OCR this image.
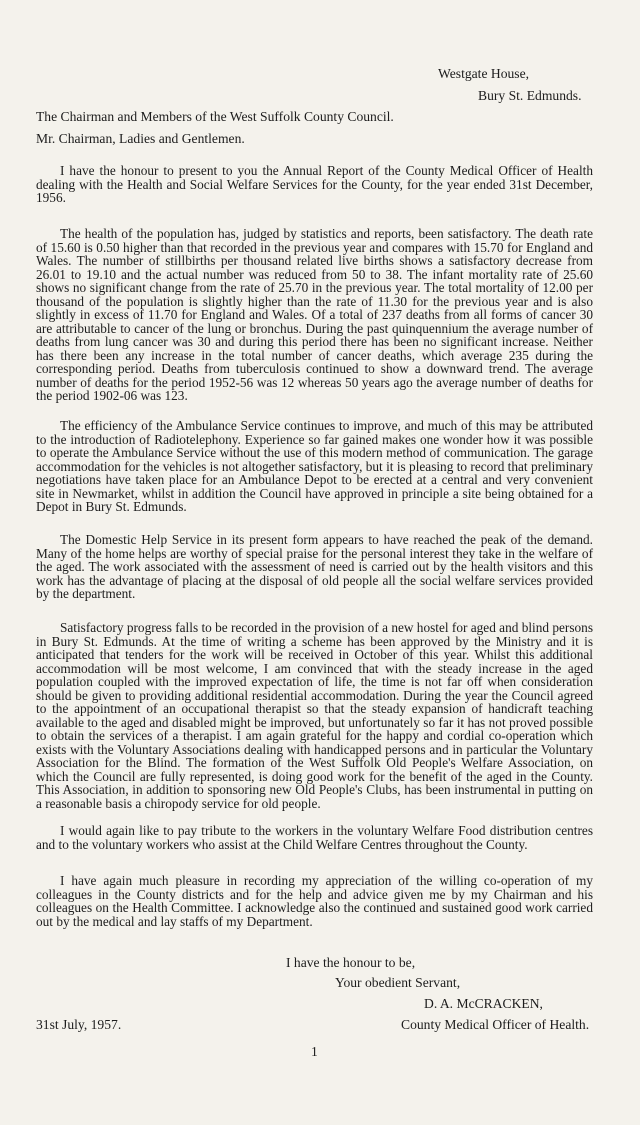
Westgate House,
Bury St. Edmunds.
The Chairman and Members of the West Suffolk County Council.
Mr. Chairman, Ladies and Gentlemen.

I have the honour to present to you the Annual Report of the County Medical Officer of Health dealing with the Health and Social Welfare Services for the County, for the year ended 31st December, 1956.

The health of the population has, judged by statistics and reports, been satisfactory. The death rate of 15.60 is 0.50 higher than that recorded in the previous year and compares with 15.70 for England and Wales. The number of stillbirths per thousand related live births shows a satisfactory decrease from 26.01 to 19.10 and the actual number was reduced from 50 to 38. The infant mortality rate of 25.60 shows no significant change from the rate of 25.70 in the previous year. The total mortality of 12.00 per thousand of the population is slightly higher than the rate of 11.30 for the previous year and is also slightly in excess of 11.70 for England and Wales. Of a total of 237 deaths from all forms of cancer 30 are attributable to cancer of the lung or bronchus. During the past quinquennium the average number of deaths from lung cancer was 30 and during this period there has been no significant increase. Neither has there been any increase in the total number of cancer deaths, which average 235 during the corresponding period. Deaths from tuberculosis continued to show a downward trend. The average number of deaths for the period 1952-56 was 12 whereas 50 years ago the average number of deaths for the period 1902-06 was 123.

The efficiency of the Ambulance Service continues to improve, and much of this may be attributed to the introduction of Radiotelephony. Experience so far gained makes one wonder how it was possible to operate the Ambulance Service without the use of this modern method of communication. The garage accommodation for the vehicles is not altogether satisfactory, but it is pleasing to record that preliminary negotiations have taken place for an Ambulance Depot to be erected at a central and very convenient site in Newmarket, whilst in addition the Council have approved in principle a site being obtained for a Depot in Bury St. Edmunds.

The Domestic Help Service in its present form appears to have reached the peak of the demand. Many of the home helps are worthy of special praise for the personal interest they take in the welfare of the aged. The work associated with the assessment of need is carried out by the health visitors and this work has the advantage of placing at the disposal of old people all the social welfare services provided by the department.

Satisfactory progress falls to be recorded in the provision of a new hostel for aged and blind persons in Bury St. Edmunds. At the time of writing a scheme has been approved by the Ministry and it is anticipated that tenders for the work will be received in October of this year. Whilst this additional accommodation will be most welcome, I am convinced that with the steady increase in the aged population coupled with the improved expectation of life, the time is not far off when consideration should be given to providing additional residential accommodation. During the year the Council agreed to the appointment of an occupational therapist so that the steady expansion of handicraft teaching available to the aged and disabled might be improved, but unfortunately so far it has not proved possible to obtain the services of a therapist. I am again grateful for the happy and cordial co-operation which exists with the Voluntary Associations dealing with handicapped persons and in particular the Voluntary Association for the Blind. The formation of the West Suffolk Old People's Welfare Association, on which the Council are fully represented, is doing good work for the benefit of the aged in the County. This Association, in addition to sponsoring new Old People's Clubs, has been instrumental in putting on a reasonable basis a chiropody service for old people.

I would again like to pay tribute to the workers in the voluntary Welfare Food distribution centres and to the voluntary workers who assist at the Child Welfare Centres throughout the County.

I have again much pleasure in recording my appreciation of the willing co-operation of my colleagues in the County districts and for the help and advice given me by my Chairman and his colleagues on the Health Committee. I acknowledge also the continued and sustained good work carried out by the medical and lay staffs of my Department.

I have the honour to be,
Your obedient Servant,
D. A. McCRACKEN,
31st July, 1957.	County Medical Officer of Health.
1
